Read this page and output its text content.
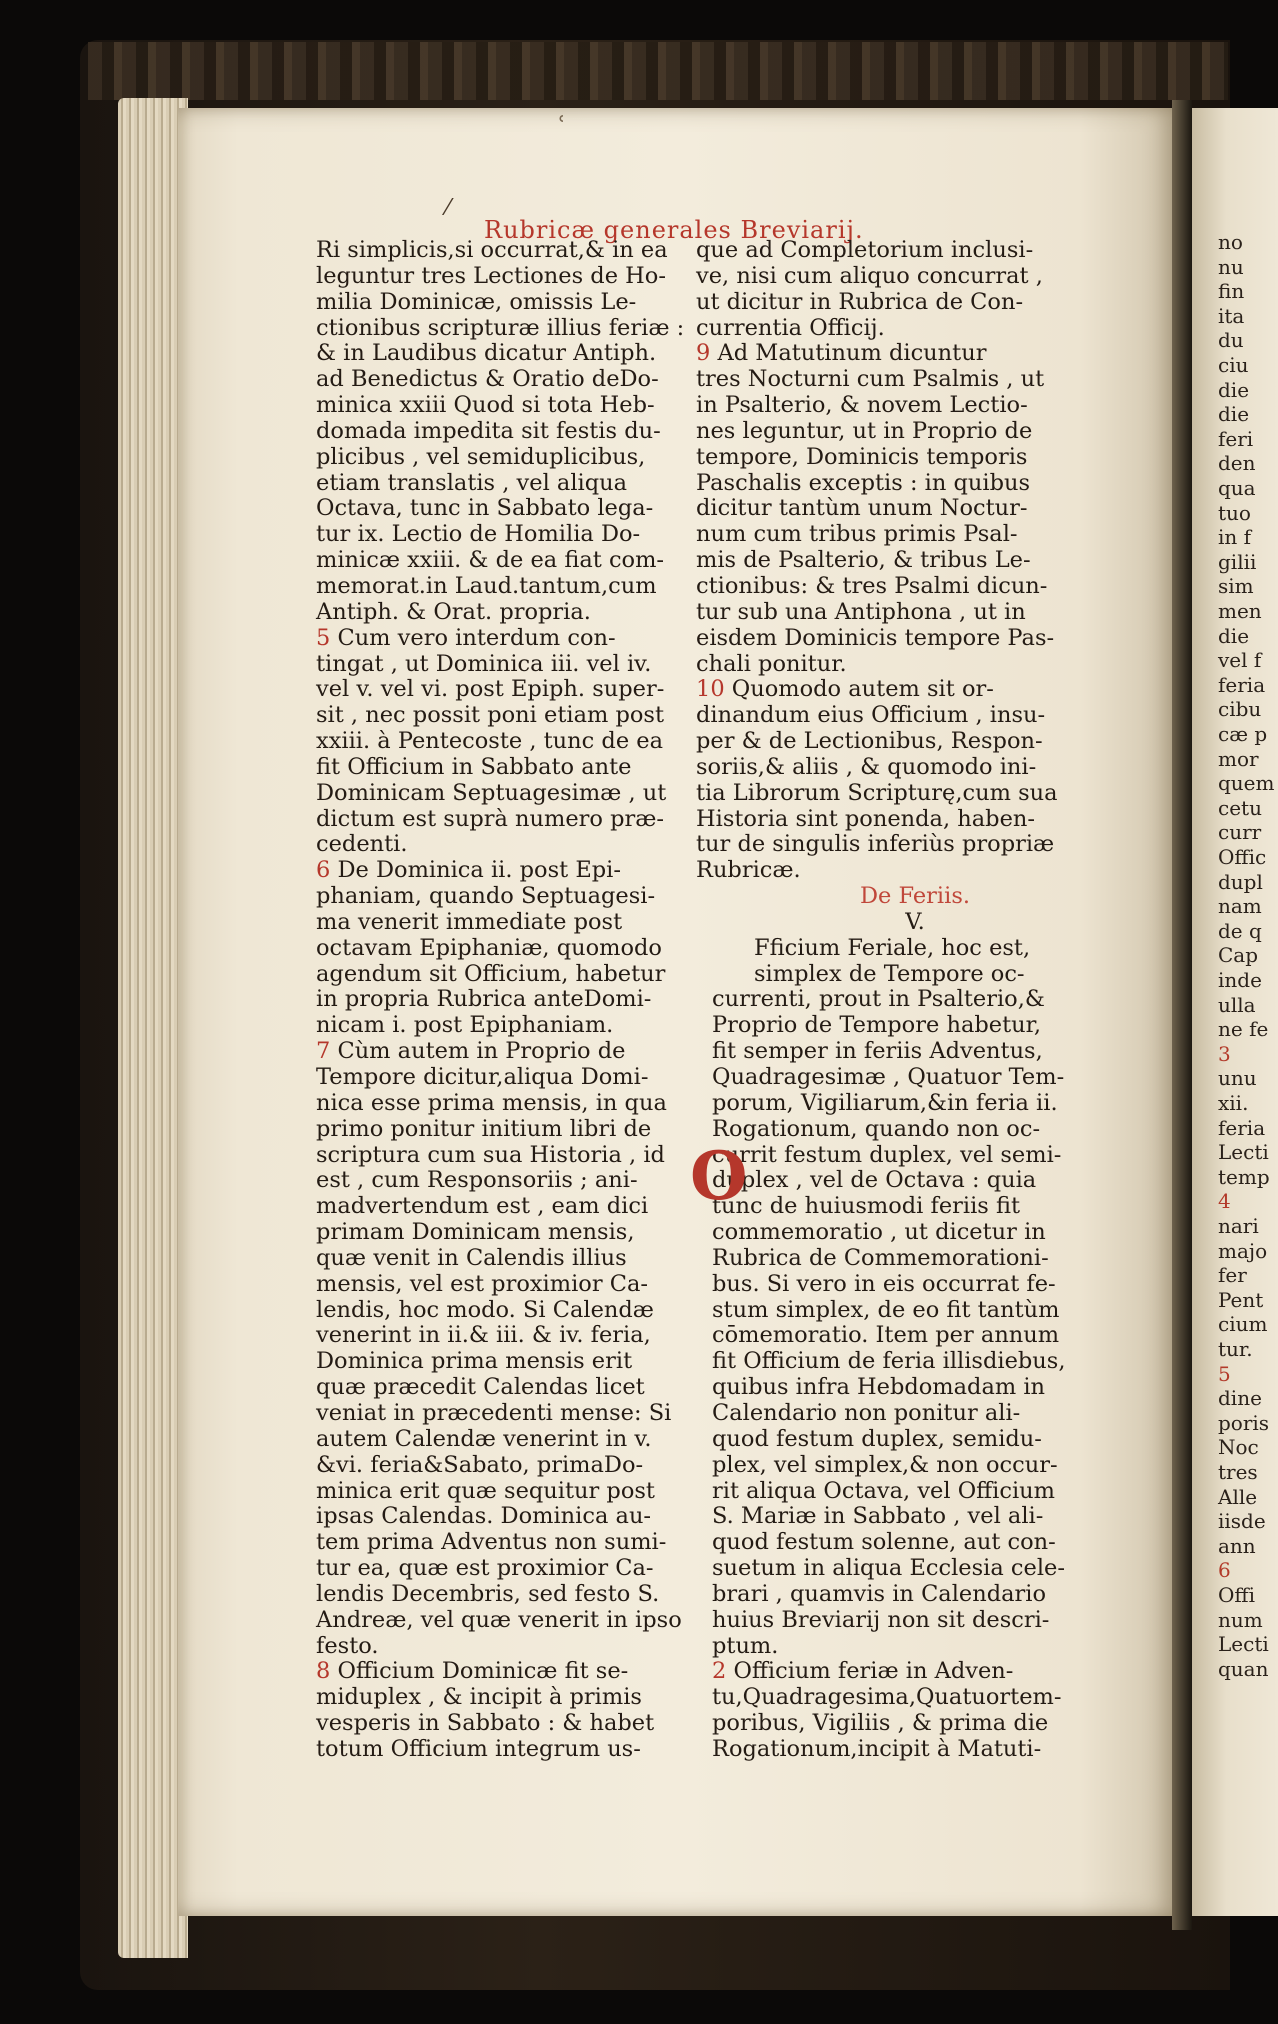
no
nu
fin
ita
du
ciu
die
die
feri
den
qua
tuo
in f
gilii
sim
men
die
vel f
feria
cibu
cæ p
mor
quem
cetu
curr
Offic
dupl
nam
de q
Cap
inde
ulla
ne fe
3
unu
xii.
feria
Lecti
temp
4
nari
majo
fer
Pent
cium
tur.
5
dine
poris
Noc
tres
Alle
iisde
ann
6
Offi
num
Lecti
quan
ʿ
⁄
Rubricæ generales Breviarij.
Ri simplicis,si occurrat,& in ea
leguntur tres Lectiones de Ho-
milia Dominicæ, omissis Le-
ctionibus scripturæ illius feriæ :
& in Laudibus dicatur Antiph.
ad Benedictus & Oratio deDo-
minica xxiii Quod si tota Heb-
domada impedita sit festis du-
plicibus , vel semiduplicibus,
etiam translatis , vel aliqua
Octava, tunc in Sabbato lega-
tur ix. Lectio de Homilia Do-
minicæ xxiii. & de ea fiat com-
memorat.in Laud.tantum,cum
Antiph. & Orat. propria.
5 Cum vero interdum con-
tingat , ut Dominica iii. vel iv.
vel v. vel vi. post Epiph. super-
sit , nec possit poni etiam post
xxiii. à Pentecoste , tunc de ea
fit Officium in Sabbato ante
Dominicam Septuagesimæ , ut
dictum est suprà numero præ-
cedenti.
6 De Dominica ii. post Epi-
phaniam, quando Septuagesi-
ma venerit immediate post
octavam Epiphaniæ, quomodo
agendum sit Officium, habetur
in propria Rubrica anteDomi-
nicam i. post Epiphaniam.
7 Cùm autem in Proprio de
Tempore dicitur,aliqua Domi-
nica esse prima mensis, in qua
primo ponitur initium libri de
scriptura cum sua Historia , id
est , cum Responsoriis ; ani-
madvertendum est , eam dici
primam Dominicam mensis,
quæ venit in Calendis illius
mensis, vel est proximior Ca-
lendis, hoc modo. Si Calendæ
venerint in ii.& iii. & iv. feria,
Dominica prima mensis erit
quæ præcedit Calendas licet
veniat in præcedenti mense: Si
autem Calendæ venerint in v.
&vi. feria&Sabato, primaDo-
minica erit quæ sequitur post
ipsas Calendas. Dominica au-
tem prima Adventus non sumi-
tur ea, quæ est proximior Ca-
lendis Decembris, sed festo S.
Andreæ, vel quæ venerit in ipso
festo.
8 Officium Dominicæ fit se-
miduplex , & incipit à primis
vesperis in Sabbato : & habet
totum Officium integrum us-
que ad Completorium inclusi-
ve, nisi cum aliquo concurrat ,
ut dicitur in Rubrica de Con-
currentia Officij.
9 Ad Matutinum dicuntur
tres Nocturni cum Psalmis , ut
in Psalterio, & novem Lectio-
nes leguntur, ut in Proprio de
tempore, Dominicis temporis
Paschalis exceptis : in quibus
dicitur tantùm unum Noctur-
num cum tribus primis Psal-
mis de Psalterio, & tribus Le-
ctionibus: & tres Psalmi dicun-
tur sub una Antiphona , ut in
eisdem Dominicis tempore Pas-
chali ponitur.
10 Quomodo autem sit or-
dinandum eius Officium , insu-
per & de Lectionibus, Respon-
soriis,& aliis , & quomodo ini-
tia Librorum Scripturę,cum sua
Historia sint ponenda, haben-
tur de singulis inferiùs propriæ
Rubricæ.
De Feriis.
V.
O
Fficium Feriale, hoc est,
simplex de Tempore oc-
currenti, prout in Psalterio,&
Proprio de Tempore habetur,
fit semper in feriis Adventus,
Quadragesimæ , Quatuor Tem-
porum, Vigiliarum,&in feria ii.
Rogationum, quando non oc-
currit festum duplex, vel semi-
duplex , vel de Octava : quia
tunc de huiusmodi feriis fit
commemoratio , ut dicetur in
Rubrica de Commemorationi-
bus. Si vero in eis occurrat fe-
stum simplex, de eo fit tantùm
cōmemoratio. Item per annum
fit Officium de feria illisdiebus,
quibus infra Hebdomadam in
Calendario non ponitur ali-
quod festum duplex, semidu-
plex, vel simplex,& non occur-
rit aliqua Octava, vel Officium
S. Mariæ in Sabbato , vel ali-
quod festum solenne, aut con-
suetum in aliqua Ecclesia cele-
brari , quamvis in Calendario
huius Breviarij non sit descri-
ptum.
2 Officium feriæ in Adven-
tu,Quadragesima,Quatuortem-
poribus, Vigiliis , & prima die
Rogationum,incipit à Matuti-
